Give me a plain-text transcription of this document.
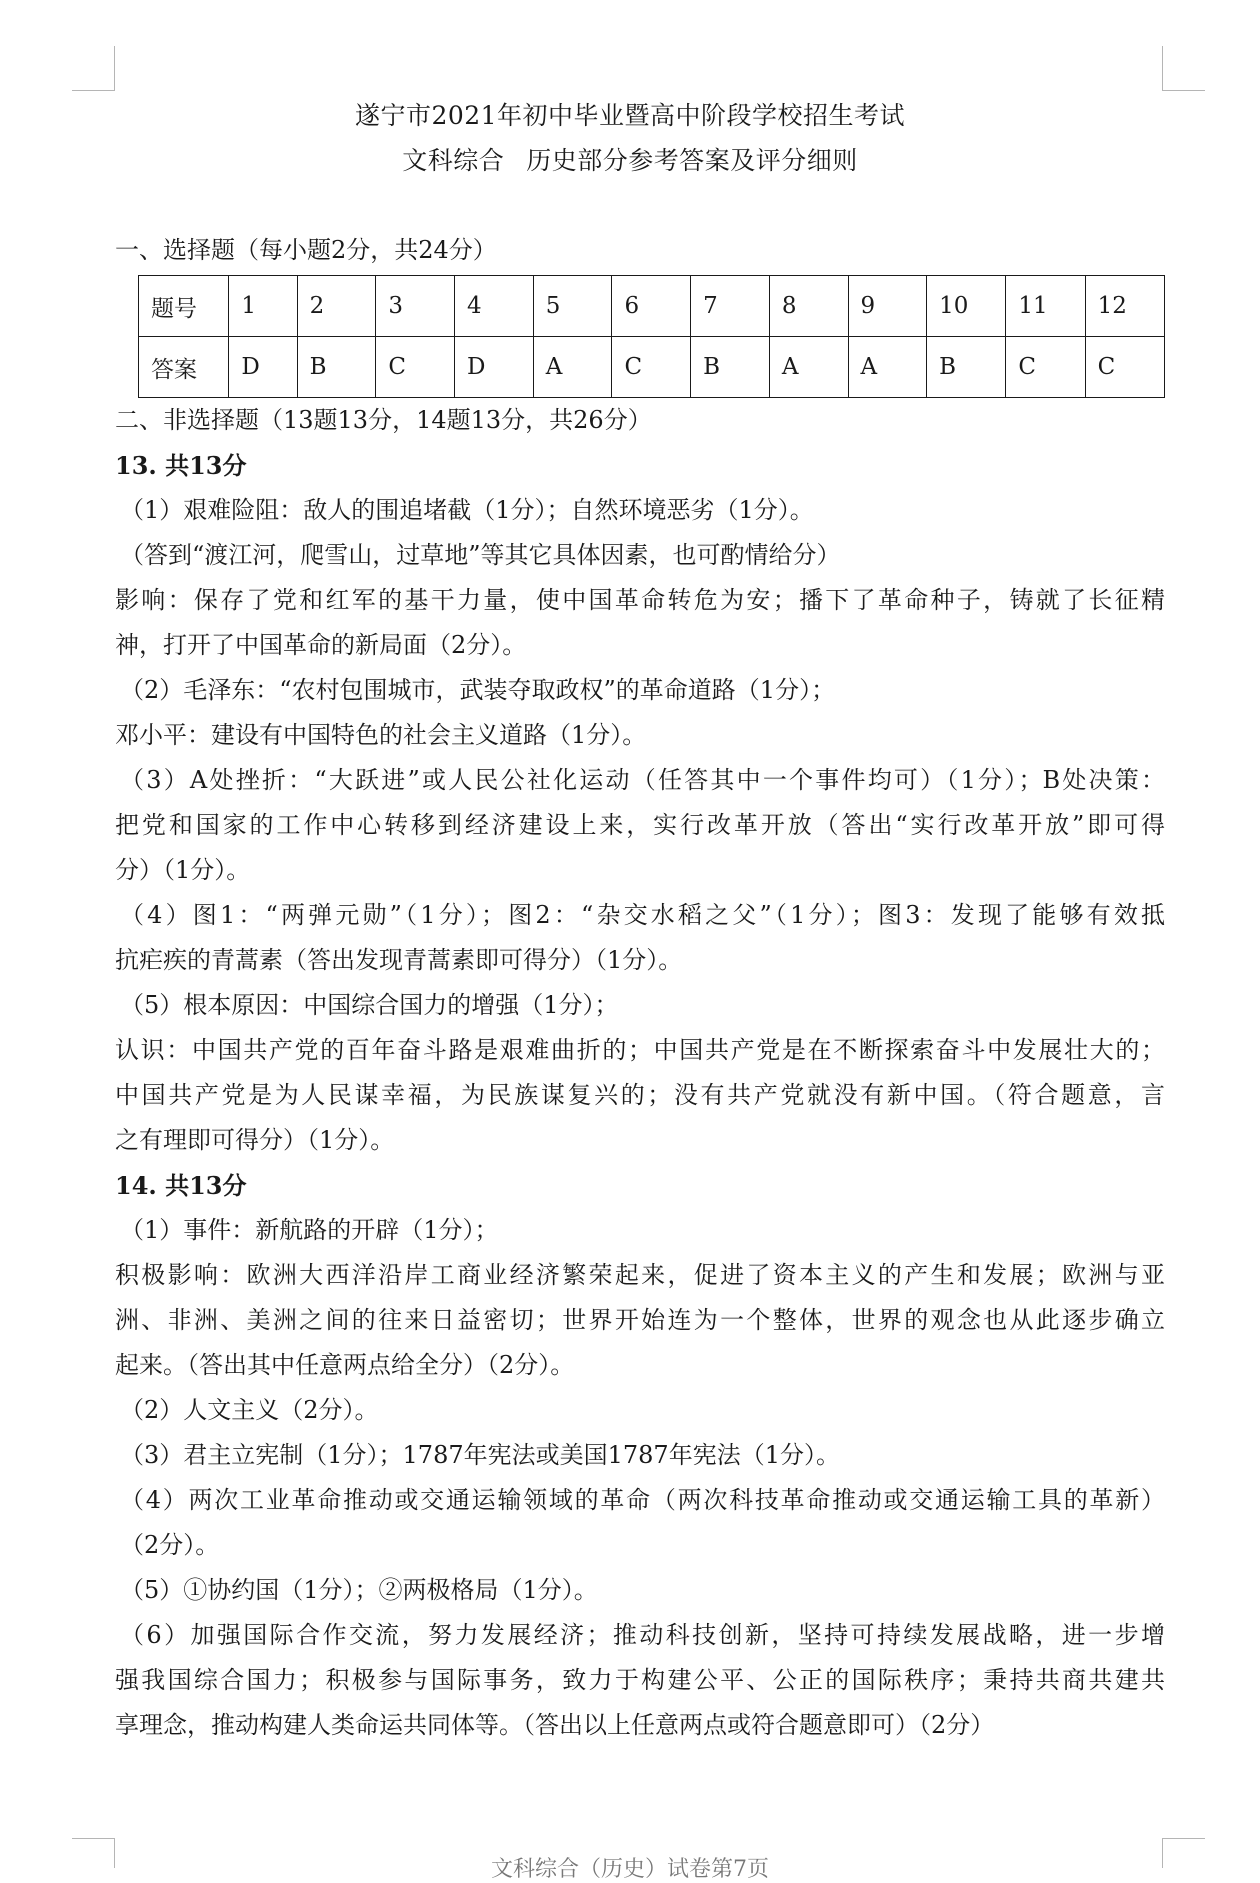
遂宁市2021年初中毕业暨高中阶段学校招生考试
文科综合 历史部分参考答案及评分细则
一、选择题（每小题2分，共24分）
题号	1	2	3	4	5	6	7	8	9	10	11	12
答案	D	B	C	D	A	C	B	A	A	B	C	C
二、非选择题（13题13分，14题13分，共26分）
13. 共13分
（1）艰难险阻：敌人的围追堵截（1分）；自然环境恶劣（1分）。
（答到“渡江河，爬雪山，过草地”等其它具体因素，也可酌情给分）
影响：保存了党和红军的基干力量，使中国革命转危为安；播下了革命种子，铸就了长征精
神，打开了中国革命的新局面（2分）。
（2）毛泽东：“农村包围城市，武装夺取政权”的革命道路（1分）；
邓小平：建设有中国特色的社会主义道路（1分）。
（3）A处挫折：“大跃进”或人民公社化运动（任答其中一个事件均可）（1分）；B处决策：
把党和国家的工作中心转移到经济建设上来，实行改革开放（答出“实行改革开放”即可得
分）（1分）。
（4）图1：“两弹元勋”（1分）；图2：“杂交水稻之父”（1分）；图3：发现了能够有效抵
抗疟疾的青蒿素（答出发现青蒿素即可得分）（1分）。
（5）根本原因：中国综合国力的增强（1分）；
认识：中国共产党的百年奋斗路是艰难曲折的；中国共产党是在不断探索奋斗中发展壮大的；
中国共产党是为人民谋幸福，为民族谋复兴的；没有共产党就没有新中国。（符合题意，言
之有理即可得分）（1分）。
14. 共13分
（1）事件：新航路的开辟（1分）；
积极影响：欧洲大西洋沿岸工商业经济繁荣起来，促进了资本主义的产生和发展；欧洲与亚
洲、非洲、美洲之间的往来日益密切；世界开始连为一个整体，世界的观念也从此逐步确立
起来。（答出其中任意两点给全分）（2分）。
（2）人文主义（2分）。
（3）君主立宪制（1分）；1787年宪法或美国1787年宪法（1分）。
（4）两次工业革命推动或交通运输领域的革命（两次科技革命推动或交通运输工具的革新）
（2分）。
（5）①协约国（1分）；②两极格局（1分）。
（6）加强国际合作交流，努力发展经济；推动科技创新，坚持可持续发展战略，进一步增
强我国综合国力；积极参与国际事务，致力于构建公平、公正的国际秩序；秉持共商共建共
享理念，推动构建人类命运共同体等。（答出以上任意两点或符合题意即可）（2分）
文科综合（历史）试卷第7页
